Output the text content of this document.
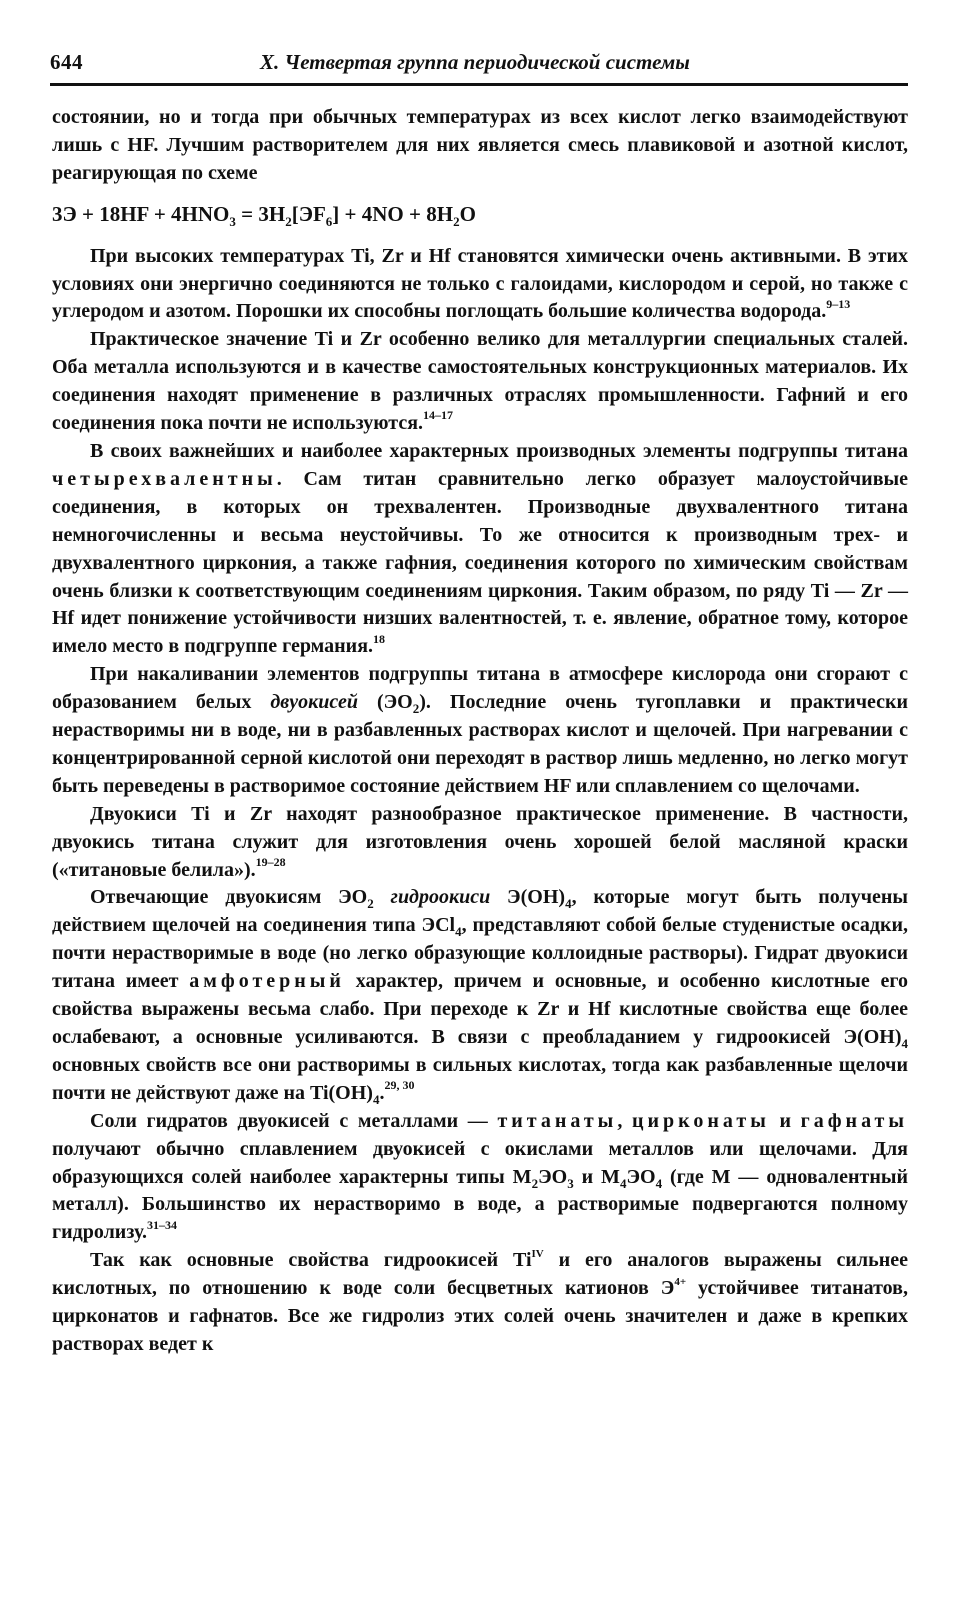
644	Х. Четвертая группа периодической системы

состоянии, но и тогда при обычных температурах из всех кислот легко взаимодействуют лишь с HF. Лучшим растворителем для них является смесь плавиковой и азотной кислот, реагирующая по схеме

$3Э + 18HF + 4HNO_3 = 3H_2[ЭF_6] + 4NO + 8H_2O$

При высоких температурах Ti, Zr и Hf становятся химически очень активными. В этих условиях они энергично соединяются не только с галоидами, кислородом и серой, но также с углеродом и азотом. Порошки их способны поглощать большие количества водорода.$^{9-13}$

Практическое значение Ti и Zr особенно велико для металлургии специальных сталей. Оба металла используются и в качестве самостоятельных конструкционных материалов. Их соединения находят применение в различных отраслях промышленности. Гафний и его соединения пока почти не используются.$^{14-17}$

В своих важнейших и наиболее характерных производных элементы подгруппы титана четырехвалентны. Сам титан сравнительно легко образует малоустойчивые соединения, в которых он трехвалентен. Производные двухвалентного титана немногочисленны и весьма неустойчивы. То же относится к производным трех- и двухвалентного циркония, а также гафния, соединения которого по химическим свойствам очень близки к соответствующим соединениям циркония. Таким образом, по ряду Ti — Zr — Hf идет понижение устойчивости низших валентностей, т. е. явление, обратное тому, которое имело место в подгруппе германия.$^{18}$

При накаливании элементов подгруппы титана в атмосфере кислорода они сгорают с образованием белых двуокисей $(ЭO_2)$. Последние очень тугоплавки и практически нерастворимы ни в воде, ни в разбавленных растворах кислот и щелочей. При нагревании с концентрированной серной кислотой они переходят в раствор лишь медленно, но легко могут быть переведены в растворимое состояние действием HF или сплавлением со щелочами.

Двуокиси Ti и Zr находят разнообразное практическое применение. В частности, двуокись титана служит для изготовления очень хорошей белой масляной краски («титановые белила»).$^{19-28}$

Отвечающие двуокисям $ЭO_2$ гидроокиси $Э(OH)_4$, которые могут быть получены действием щелочей на соединения типа ЭCl$_4$, представляют собой белые студенистые осадки, почти нерастворимые в воде (но легко образующие коллоидные растворы). Гидрат двуокиси титана имеет амфотерный характер, причем и основные, и особенно кислотные его свойства выражены весьма слабо. При переходе к Zr и Hf кислотные свойства еще более ослабевают, а основные усиливаются. В связи с преобладанием у гидроокисей $Э(OH)_4$ основных свойств все они растворимы в сильных кислотах, тогда как разбавленные щелочи почти не действуют даже на $Ti(OH)_4.^{29, 30}$

Соли гидратов двуокисей с металлами — титанаты, цирконаты и гафнаты получают обычно сплавлением двуокисей с окислами металлов или щелочами. Для образующихся солей наиболее характерны типы $M_2ЭO_3$ и $M_4ЭO_4$ (где M — одновалентный металл). Большинство их нерастворимо в воде, а растворимые подвергаются полному гидролизу.$^{31-34}$

Так как основные свойства гидроокисей $Ti^{IV}$ и его аналогов выражены сильнее кислотных, по отношению к воде соли бесцветных катионов $Э^{4+}$ устойчивее титанатов, цирконатов и гафнатов. Все же гидролиз этих солей очень значителен и даже в крепких растворах ведет к
